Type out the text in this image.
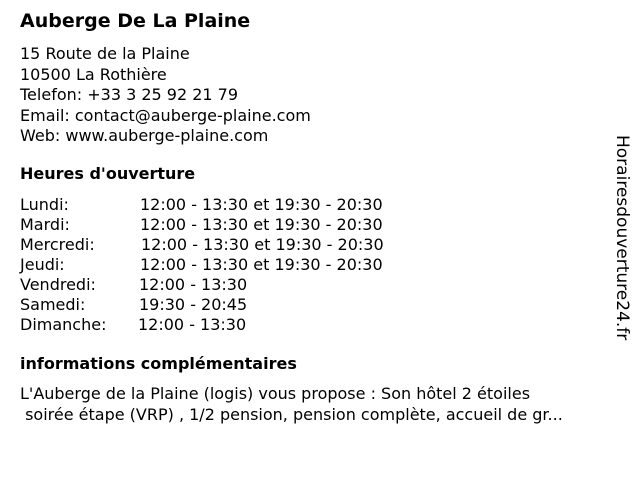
Auberge De La Plaine
15 Route de la Plaine
10500 La Rothière
Telefon: +33 3 25 92 21 79
Email: contact@auberge-plaine.com
Web: www.auberge-plaine.com
Heures d'ouverture
Lundi:	12:00 - 13:30 et 19:30 - 20:30
Mardi:	12:00 - 13:30 et 19:30 - 20:30
Mercredi:	12:00 - 13:30 et 19:30 - 20:30
Jeudi:	12:00 - 13:30 et 19:30 - 20:30
Vendredi:	12:00 - 13:30
Samedi:	19:30 - 20:45
Dimanche: 12:00 - 13:30
informations complémentaires
L'Auberge de la Plaine (logis) vous propose : Son hôtel 2 étoiles
soirée étape (VRP) , 1/2 pension, pension complète, accueil de gr...
Horairesdouverture24.fr
